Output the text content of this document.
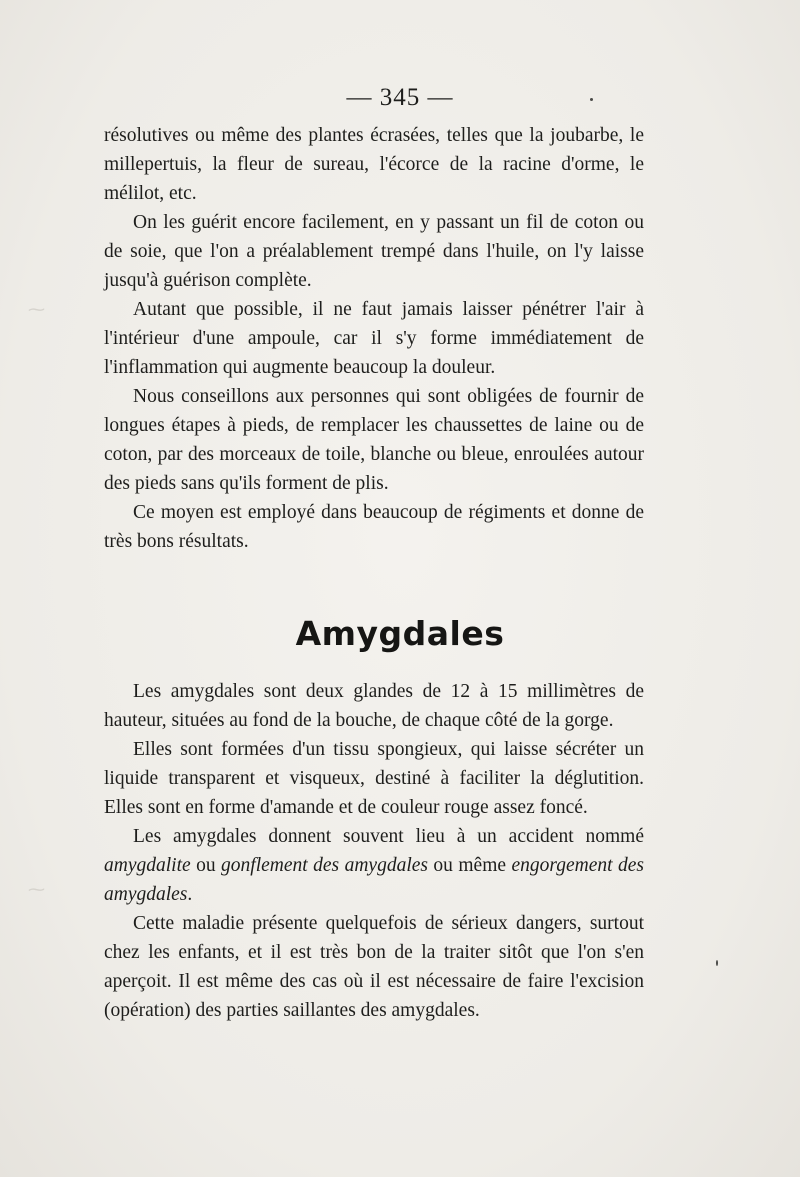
⁓
⁓
— 345 —

résolutives ou même des plantes écrasées, telles que la joubarbe, le millepertuis, la fleur de sureau, l'écorce de la racine d'orme, le mélilot, etc.

On les guérit encore facilement, en y passant un fil de coton ou de soie, que l'on a préalablement trempé dans l'huile, on l'y laisse jusqu'à guérison complète.

Autant que possible, il ne faut jamais laisser pénétrer l'air à l'intérieur d'une ampoule, car il s'y forme immédiatement de l'inflammation qui augmente beaucoup la douleur.

Nous conseillons aux personnes qui sont obligées de fournir de longues étapes à pieds, de remplacer les chaussettes de laine ou de coton, par des morceaux de toile, blanche ou bleue, enroulées autour des pieds sans qu'ils forment de plis.

Ce moyen est employé dans beaucoup de régiments et donne de très bons résultats.

Amygdales

Les amygdales sont deux glandes de 12 à 15 millimètres de hauteur, situées au fond de la bouche, de chaque côté de la gorge.

Elles sont formées d'un tissu spongieux, qui laisse sécréter un liquide transparent et visqueux, destiné à faciliter la déglutition. Elles sont en forme d'amande et de couleur rouge assez foncé.

Les amygdales donnent souvent lieu à un accident nommé amygdalite ou gonflement des amygdales ou même engorgement des amygdales.

Cette maladie présente quelquefois de sérieux dangers, surtout chez les enfants, et il est très bon de la traiter sitôt que l'on s'en aperçoit. Il est même des cas où il est nécessaire de faire l'excision (opération) des parties saillantes des amygdales.
